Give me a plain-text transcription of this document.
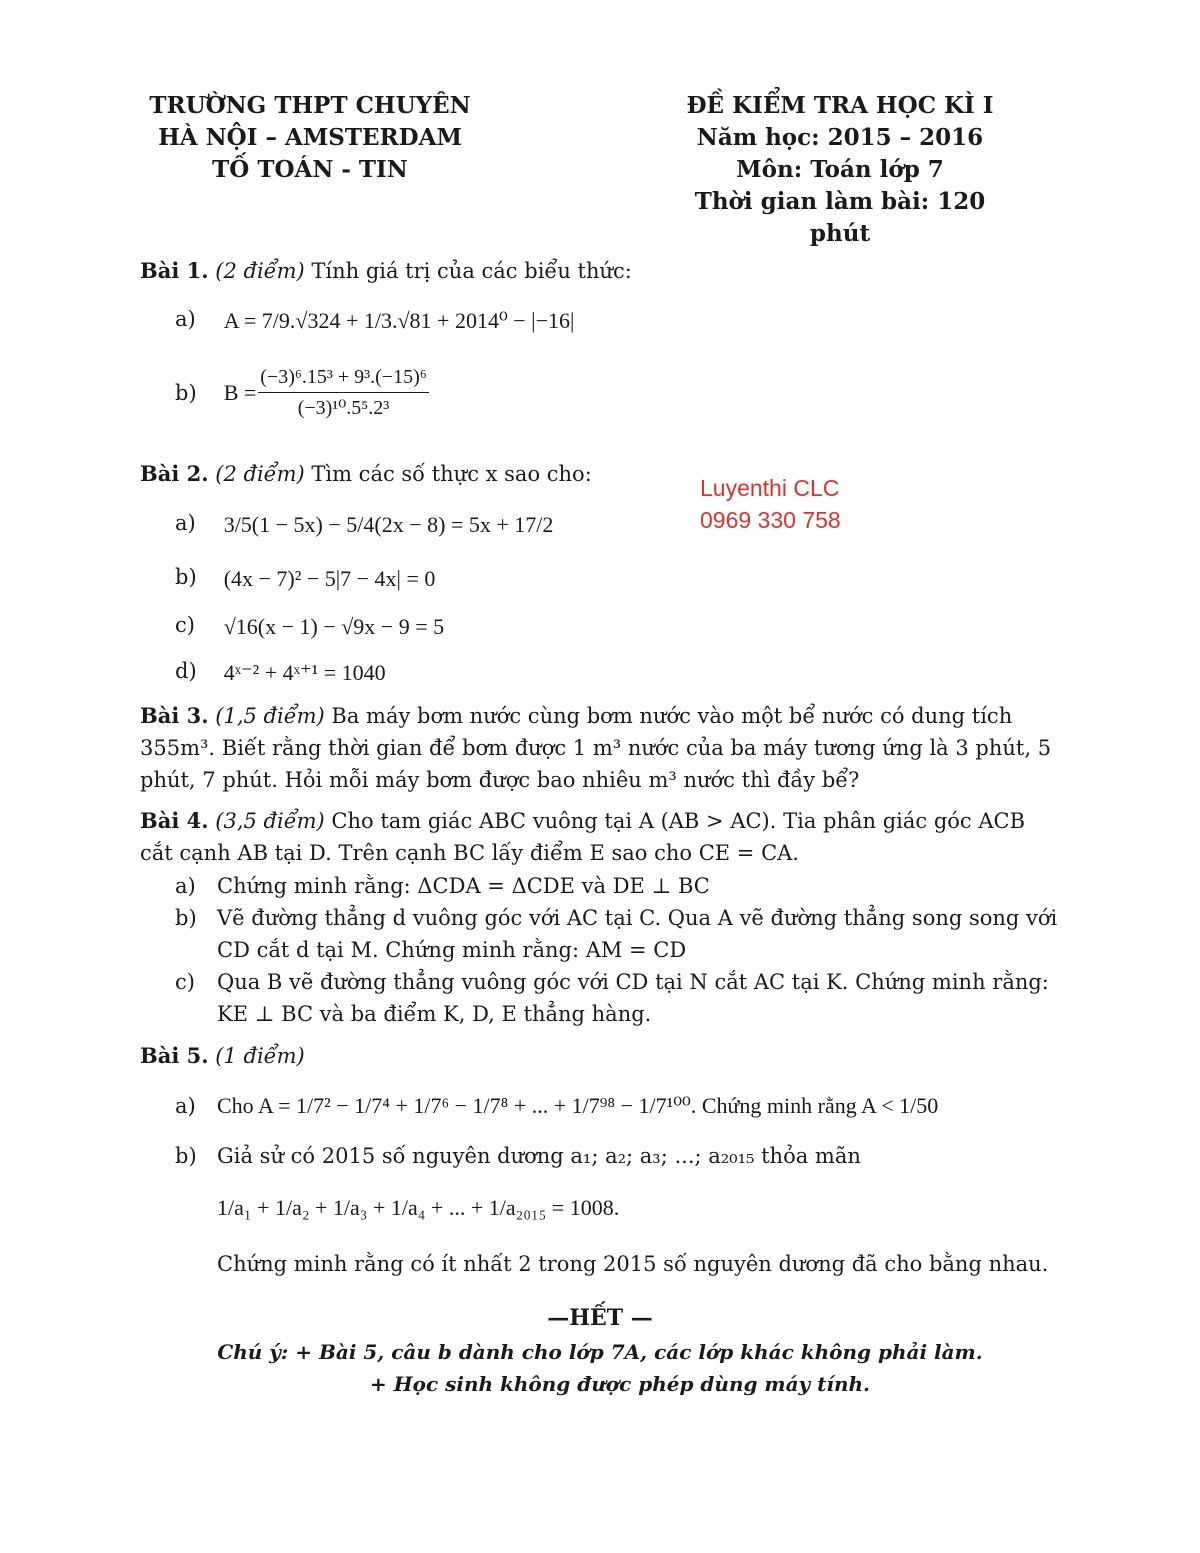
TRƯỜNG THPT CHUYÊN
HÀ NỘI – AMSTERDAM
TỐ TOÁN - TIN
ĐỀ KIỂM TRA HỌC KÌ I
Năm học: 2015 – 2016
Môn: Toán lớp 7
Thời gian làm bài: 120 phút
Luyenthi CLC
0969 330 758
Bài 1. (2 điểm) Tính giá trị của các biểu thức:
a) A = 7/9.√324 + 1/3.√81 + 2014⁰ − |−16|
b) $B = \frac{\text{(−3)⁶.15³ + 9³.(−15)⁶}}{\text{(−3)¹⁰.5⁵.2³}}$
Bài 2. (2 điểm) Tìm các số thực x sao cho:
a) 3/5(1 − 5x) − 5/4(2x − 8) = 5x + 17/2
b) (4x − 7)² − 5|7 − 4x| = 0
c) √16(x − 1) − √9x − 9 = 5
d) 4ˣ⁻² + 4ˣ⁺¹ = 1040
Bài 3. (1,5 điểm) Ba máy bơm nước cùng bơm nước vào một bể nước có dung tích 355m³. Biết rằng thời gian để bơm được 1 m³ nước của ba máy tương ứng là 3 phút, 5 phút, 7 phút. Hỏi mỗi máy bơm được bao nhiêu m³ nước thì đầy bể?
Bài 4. (3,5 điểm) Cho tam giác ABC vuông tại A (AB > AC). Tia phân giác góc ACB cắt cạnh AB tại D. Trên cạnh BC lấy điểm E sao cho CE = CA.
a)	Chứng minh rằng: ΔCDA = ΔCDE và DE ⊥ BC
b) Vẽ đường thẳng d vuông góc với AC tại C. Qua A vẽ đường thẳng song song với CD cắt d tại M. Chứng minh rằng: AM = CD
c)	Qua B vẽ đường thẳng vuông góc với CD tại N cắt AC tại K. Chứng minh rằng: KE ⊥ BC và ba điểm K, D, E thẳng hàng.
Bài 5. (1 điểm)
a) Cho A = 1/7² − 1/7⁴ + 1/7⁶ − 1/7⁸ + ... + 1/7⁹⁸ − 1/7¹⁰⁰. Chứng minh rằng A < 1/50
b) Giả sử có 2015 số nguyên dương a₁; a₂; a₃; ...; a₂₀₁₅ thỏa mãn
1/a₁ + 1/a₂ + 1/a₃ + 1/a₄ + ... + 1/a₂₀₁₅ = 1008.
Chứng minh rằng có ít nhất 2 trong 2015 số nguyên dương đã cho bằng nhau.
—HẾT —
Chú ý: + Bài 5, câu b dành cho lớp 7A, các lớp khác không phải làm.
+ Học sinh không được phép dùng máy tính.
